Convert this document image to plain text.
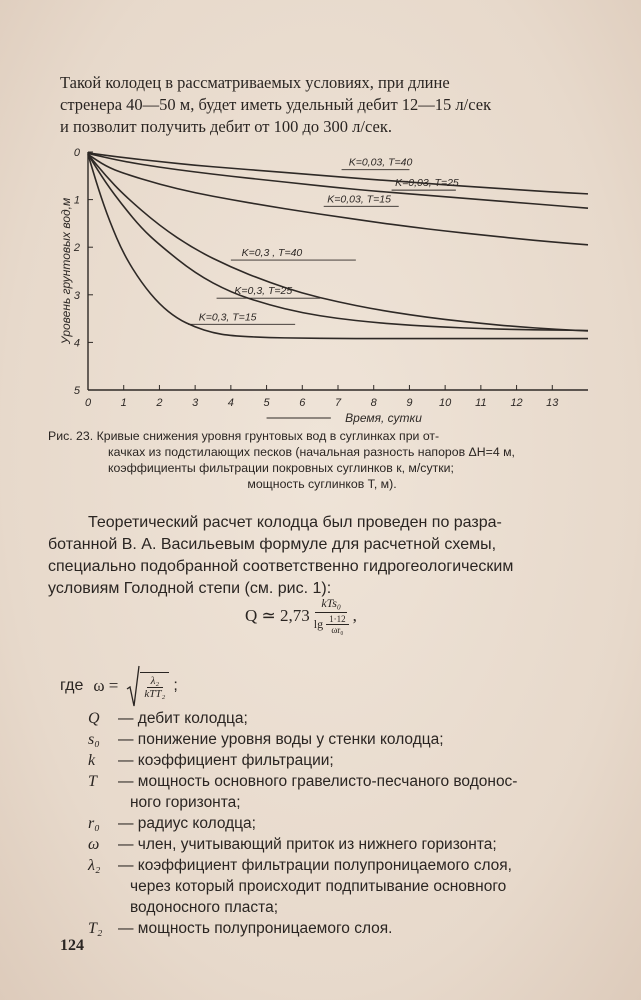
Такой колодец в рассматриваемых условиях, при длине
стренера 40—50 м, будет иметь удельный дебит 12—15 л/сек
и позволит получить дебит от 100 до 300 л/сек.
0	1	2	3	4	5	6	7	8	9 10 11 12 13
0
1
2
3
4
5
Уровень грунтовых вод,м
Время, сутки
K=0,03, T=40
K=0,03, T=25
K=0,03, T=15
K=0,3 , T=40
K=0,3, T=25
K=0,3, T=15
Рис. 23. Кривые снижения уровня грунтовых вод в суглинках при от-
качках из подстилающих песков (начальная разность напоров ΔH=4 м,
коэффициенты фильтрации покровных суглинков к, м/сутки;
мощность суглинков T, м).
Теоретический расчет колодца был проведен по разра-
ботанной В. А. Васильевым формуле для расчетной схемы,
специально подобранной соответственно гидрогеологическим
условиям Голодной степи (см. рис. 1):
Q ≃ $2,73 \frac{\text{kTs₀}}{\lg \frac{1\cdot 12}{\text{ωr₀}}}$ ,
где ω =	λ₂
kTT₂ ;
Q	— дебит колодца;
s₀	— понижение уровня воды у стенки колодца;
k	— коэффициент фильтрации;
T	— мощность основного гравелисто-песчаного водонос-
ного горизонта;
r₀	— радиус колодца;
ω	— член, учитывающий приток из нижнего горизонта;
λ₂	— коэффициент фильтрации полупроницаемого слоя,
через который происходит подпитывание основного
водоносного пласта;
T₂	— мощность полупроницаемого слоя.
124
